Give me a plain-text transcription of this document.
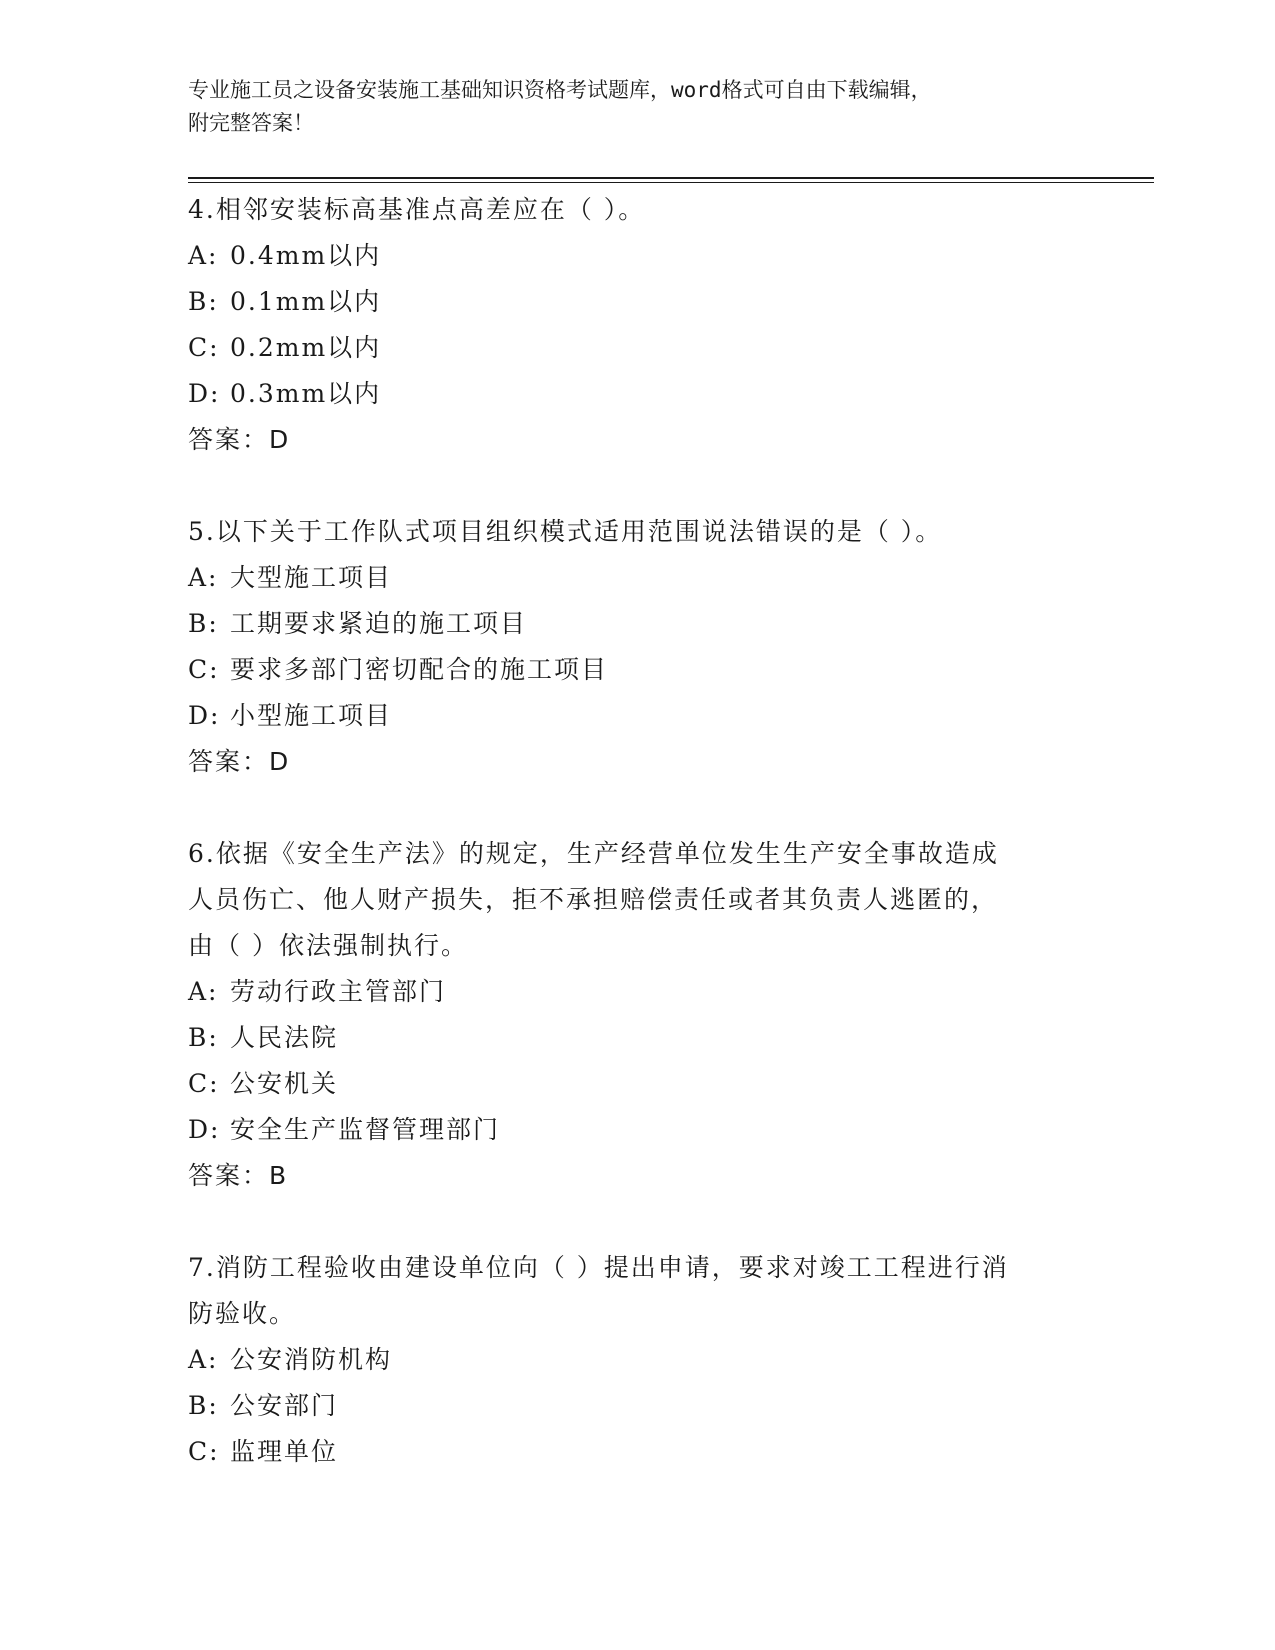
专业施工员之设备安装施工基础知识资格考试题库，word格式可自由下载编辑，
附完整答案！
4.相邻安装标高基准点高差应在（ ）。
A: 0.4mm以内
B: 0.1mm以内
C: 0.2mm以内
D: 0.3mm以内
答案：D
5.以下关于工作队式项目组织模式适用范围说法错误的是（ ）。
A: 大型施工项目
B: 工期要求紧迫的施工项目
C: 要求多部门密切配合的施工项目
D: 小型施工项目
答案：D
6.依据《安全生产法》的规定，生产经营单位发生生产安全事故造成
人员伤亡、他人财产损失，拒不承担赔偿责任或者其负责人逃匿的，
由（ ）依法强制执行。
A: 劳动行政主管部门
B: 人民法院
C: 公安机关
D: 安全生产监督管理部门
答案：B
7.消防工程验收由建设单位向（ ）提出申请，要求对竣工工程进行消
防验收。
A: 公安消防机构
B: 公安部门
C: 监理单位
